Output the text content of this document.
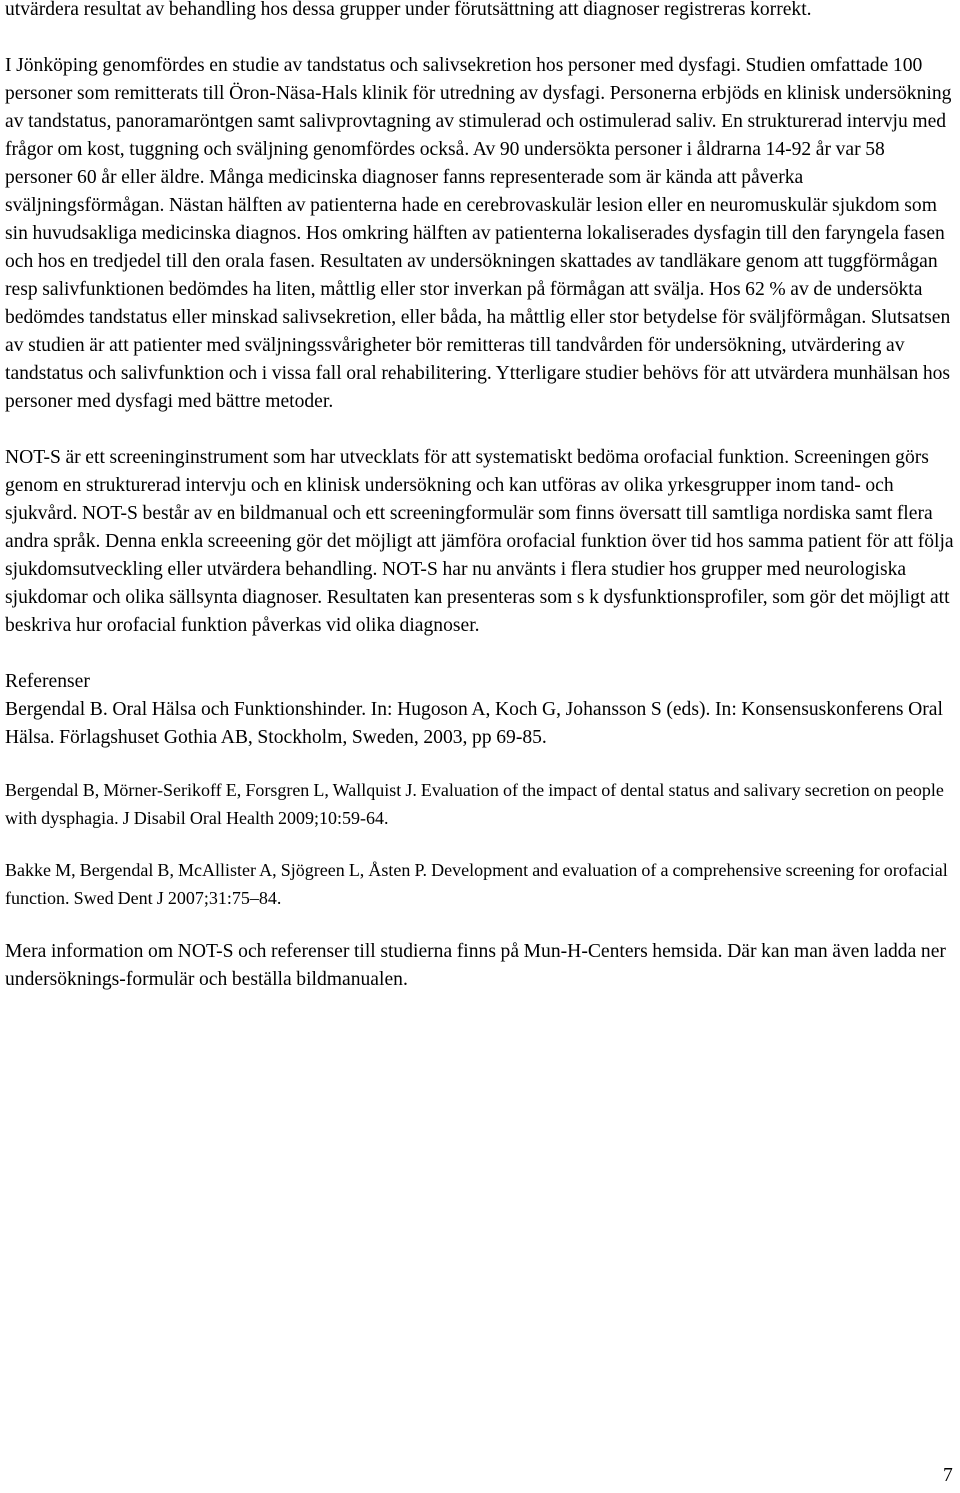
utvärdera resultat av behandling hos dessa grupper under förutsättning att diagnoser registreras korrekt.

I Jönköping genomfördes en studie av tandstatus och salivsekretion hos personer med dysfagi. Studien omfattade 100 personer som remitterats till Öron-Näsa-Hals klinik för utredning av dysfagi. Personerna erbjöds en klinisk undersökning av tandstatus, panoramaröntgen samt salivprovtagning av stimulerad och ostimulerad saliv. En strukturerad intervju med frågor om kost, tuggning och sväljning genomfördes också. Av 90 undersökta personer i åldrarna 14-92 år var 58 personer 60 år eller äldre. Många medicinska diagnoser fanns representerade som är kända att påverka sväljningsförmågan. Nästan hälften av patienterna hade en cerebrovaskulär lesion eller en neuromuskulär sjukdom som sin huvudsakliga medicinska diagnos. Hos omkring hälften av patienterna lokaliserades dysfagin till den faryngela fasen och hos en tredjedel till den orala fasen. Resultaten av undersökningen skattades av tandläkare genom att tuggförmågan resp salivfunktionen bedömdes ha liten, måttlig eller stor inverkan på förmågan att svälja. Hos 62 % av de undersökta bedömdes tandstatus eller minskad salivsekretion, eller båda, ha måttlig eller stor betydelse för sväljförmågan. Slutsatsen av studien är att patienter med sväljningssvårigheter bör remitteras till tandvården för undersökning, utvärdering av tandstatus och salivfunktion och i vissa fall oral rehabilitering. Ytterligare studier behövs för att utvärdera munhälsan hos personer med dysfagi med bättre metoder.

NOT-S är ett screeninginstrument som har utvecklats för att systematiskt bedöma orofacial funktion. Screeningen görs genom en strukturerad intervju och en klinisk undersökning och kan utföras av olika yrkesgrupper inom tand- och sjukvård. NOT-S består av en bildmanual och ett screeningformulär som finns översatt till samtliga nordiska samt flera andra språk. Denna enkla screeening gör det möjligt att jämföra orofacial funktion över tid hos samma patient för att följa sjukdomsutveckling eller utvärdera behandling. NOT-S har nu använts i flera studier hos grupper med neurologiska sjukdomar och olika sällsynta diagnoser. Resultaten kan presenteras som s k dysfunktionsprofiler, som gör det möjligt att beskriva hur orofacial funktion påverkas vid olika diagnoser.

Referenser

Bergendal B. Oral Hälsa och Funktionshinder. In: Hugoson A, Koch G, Johansson S (eds). In: Konsensuskonferens Oral Hälsa. Förlagshuset Gothia AB, Stockholm, Sweden, 2003, pp 69-85.

Bergendal B, Mörner-Serikoff E, Forsgren L, Wallquist J. Evaluation of the impact of dental status and salivary secretion on people with dysphagia. J Disabil Oral Health 2009;10:59-64.

Bakke M, Bergendal B, McAllister A, Sjögreen L, Åsten P. Development and evaluation of a comprehensive screening for orofacial function. Swed Dent J 2007;31:75–84.

Mera information om NOT-S och referenser till studierna finns på Mun-H-Centers hemsida. Där kan man även ladda ner undersöknings-formulär och beställa bildmanualen.

7
